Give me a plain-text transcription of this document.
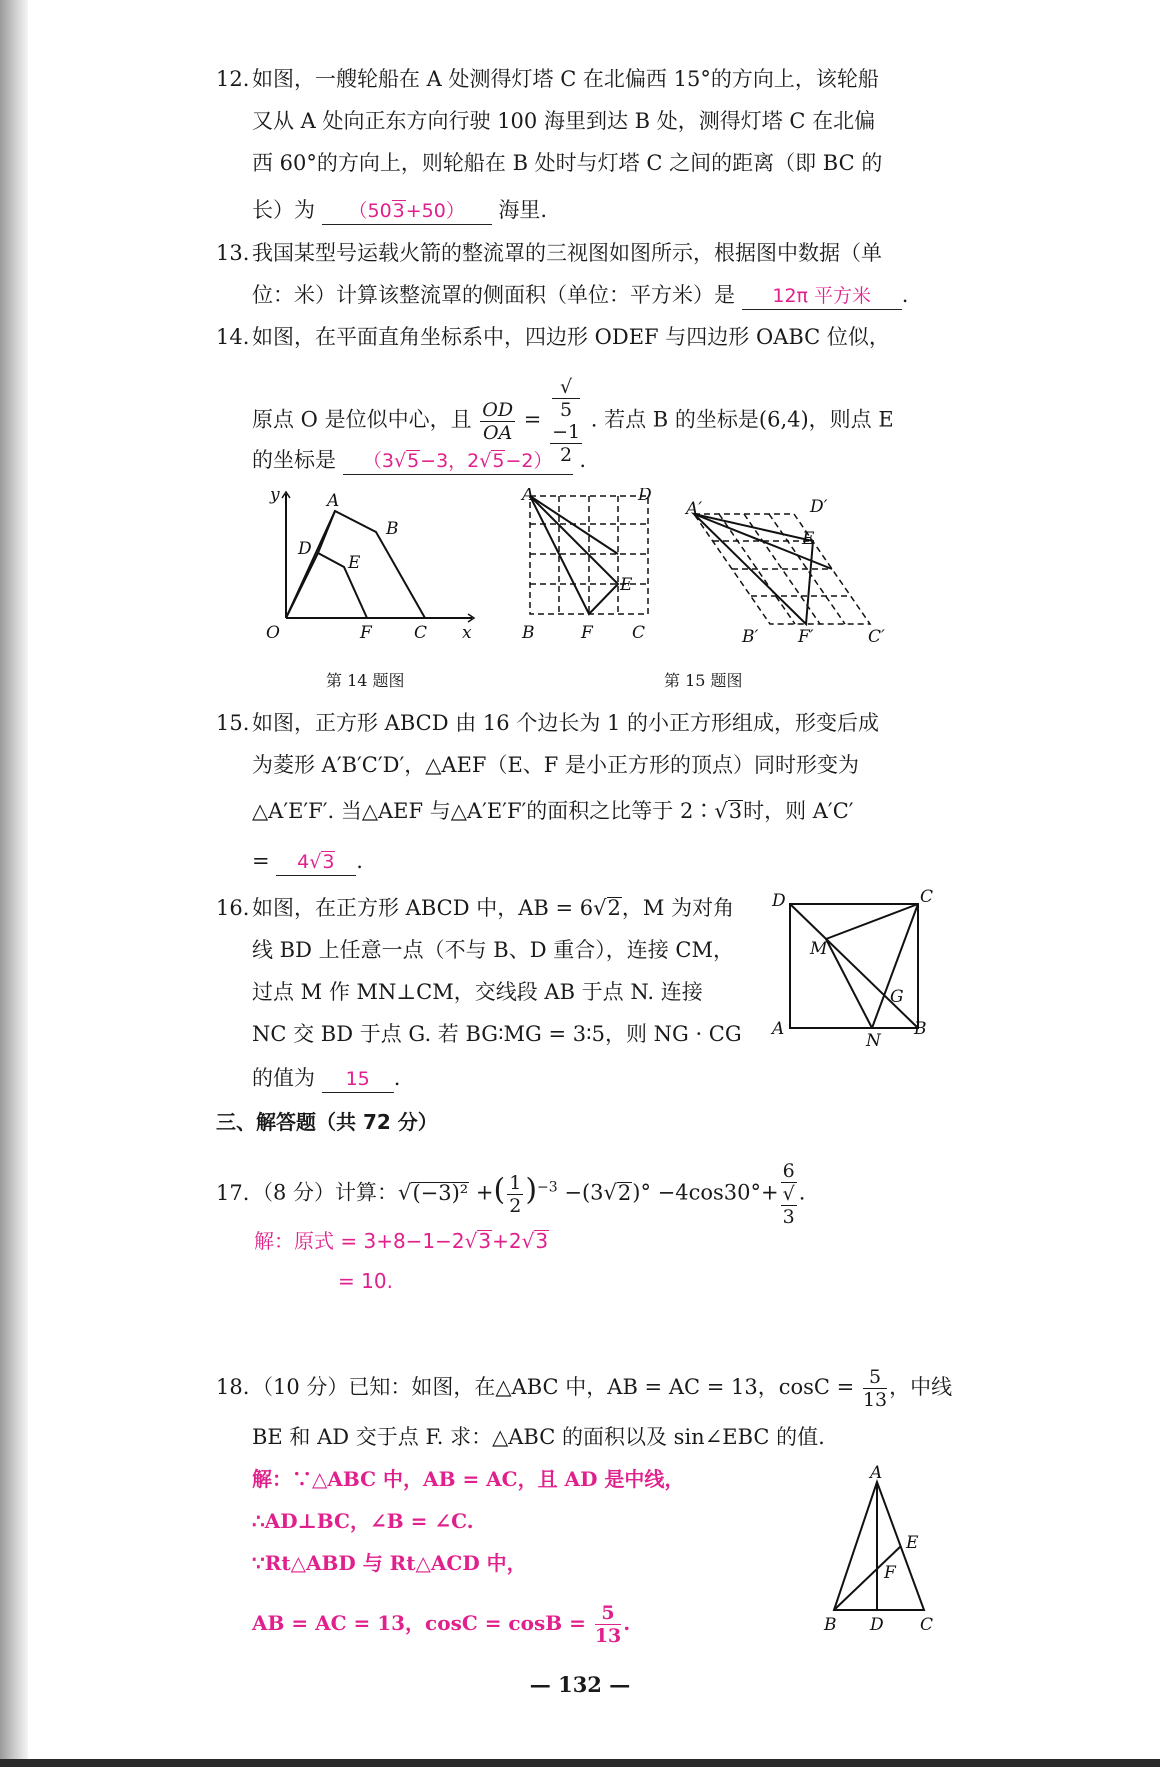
12. 如图，一艘轮船在 A 处测得灯塔 C 在北偏西 15°的方向上，该轮船
又从 A 处向正东方向行驶 100 海里到达 B 处，测得灯塔 C 在北偏
西 60°的方向上，则轮船在 B 处时与灯塔 C 之间的距离（即 BC 的
长）为 （503+50） 海里.
13. 我国某型号运载火箭的整流罩的三视图如图所示，根据图中数据（单
位：米）计算该整流罩的侧面积（单位：平方米）是 12π 平方米 .
14. 如图，在平面直角坐标系中，四边形 ODEF 与四边形 OABC 位似，
原点 O 是位似中心，且 $\frac{OD}{OA}$ = √
5
−1
2 . 若点 B 的坐标是(6,4)，则点 E
的坐标是 （3√5−3，2√5−2） .
y	A
B
D
E
O	F C x
A	D
E
B	F C
A′	D′
E
B′ F′	C′
第 14 题图	第 15 题图
15. 如图，正方形 ABCD 由 16 个边长为 1 的小正方形组成，形变后成
为菱形 A′B′C′D′，△AEF（E、F 是小正方形的顶点）同时形变为
△A′E′F′. 当△AEF 与△A′E′F′的面积之比等于 2∶√3时，则 A′C′
= 4√3 .
16. 如图，在正方形 ABCD 中，AB = 6√2，M 为对角
线 BD 上任意一点（不与 B、D 重合），连接 CM，
过点 M 作 MN⊥CM，交线段 AB 于点 N. 连接
NC 交 BD 于点 G. 若 BG∶MG = 3∶5，则 NG · CG
的值为 15 .
D	C
M
G
A
N
B
三、解答题（共 72 分）
17. （8 分）计算：√(−3)² +( $\frac{1}{2} )^{-3} -(3√2)^\circ -4\cos 30^\circ+ 6$
√
3 .
解：原式 = 3+8−1−2√3+2√3
= 10.
18. （10 分）已知：如图，在△ABC 中，AB = AC = 13，$\cos C = \frac{5}{13}$ ，中线
BE 和 AD 交于点 F. 求：△ABC 的面积以及 sin∠EBC 的值.
解：∵△ABC 中，AB = AC，且 AD 是中线，
∴AD⊥BC，∠B = ∠C.
∵Rt△ABD 与 Rt△ACD 中，
AB = AC = 13，$\cos C = \cos B = \frac{5}{13}$ .
A
E
F
B D C
— 132 —
